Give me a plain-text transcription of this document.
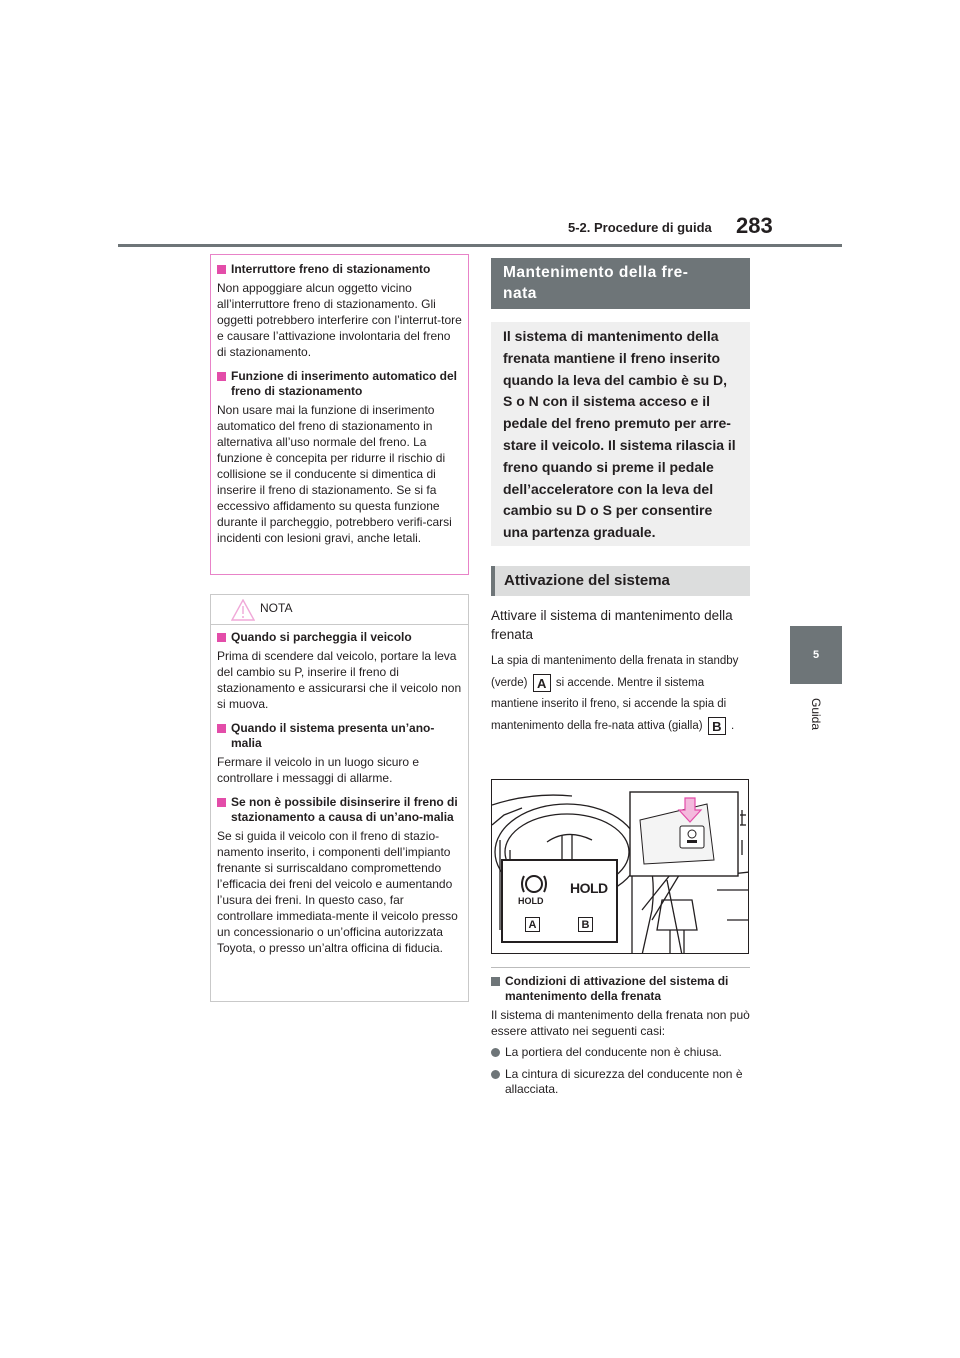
5-2. Procedure di guida 283
5
Guida
Interruttore freno di stazionamento
Non appoggiare alcun oggetto vicino all’interruttore freno di stazionamento. Gli oggetti potrebbero interferire con l’interrut-tore e causare l’attivazione involontaria del freno di stazionamento.
Funzione di inserimento automatico del freno di stazionamento
Non usare mai la funzione di inserimento automatico del freno di stazionamento in alternativa all’uso normale del freno. La funzione è concepita per ridurre il rischio di collisione se il conducente si dimentica di inserire il freno di stazionamento. Se si fa eccessivo affidamento su questa funzione durante il parcheggio, potrebbero verifi-carsi incidenti con lesioni gravi, anche letali.
NOTA
Quando si parcheggia il veicolo
Prima di scendere dal veicolo, portare la leva del cambio su P, inserire il freno di stazionamento e assicurarsi che il veicolo non si muova.
Quando il sistema presenta un’ano-malia
Fermare il veicolo in un luogo sicuro e controllare i messaggi di allarme.
Se non è possibile disinserire il freno di stazionamento a causa di un’ano-malia
Se si guida il veicolo con il freno di stazio-namento inserito, i componenti dell’impianto frenante si surriscaldano compromettendo l’efficacia dei freni del veicolo e aumentando l’usura dei freni. In questo caso, far controllare immediata-mente il veicolo presso un concessionario o un’officina autorizzata Toyota, o presso un’altra officina di fiducia.
Mantenimento della fre-
nata
Il sistema di mantenimento della frenata mantiene il freno inserito quando la leva del cambio è su D, S o N con il sistema acceso e il pedale del freno premuto per arre-stare il veicolo. Il sistema rilascia il freno quando si preme il pedale dell’acceleratore con la leva del cambio su D o S per consentire una partenza graduale.
Attivazione del sistema
Attivare il sistema di mantenimento della frenata
La spia di mantenimento della frenata in standby (verde) A si accende. Mentre il sistema mantiene inserito il freno, si accende la spia di mantenimento della fre-nata attiva (gialla) B .
HOLD
HOLD
A	B
Condizioni di attivazione del sistema di mantenimento della frenata
Il sistema di mantenimento della frenata non può essere attivato nei seguenti casi:
La portiera del conducente non è chiusa.
La cintura di sicurezza del conducente non è allacciata.
